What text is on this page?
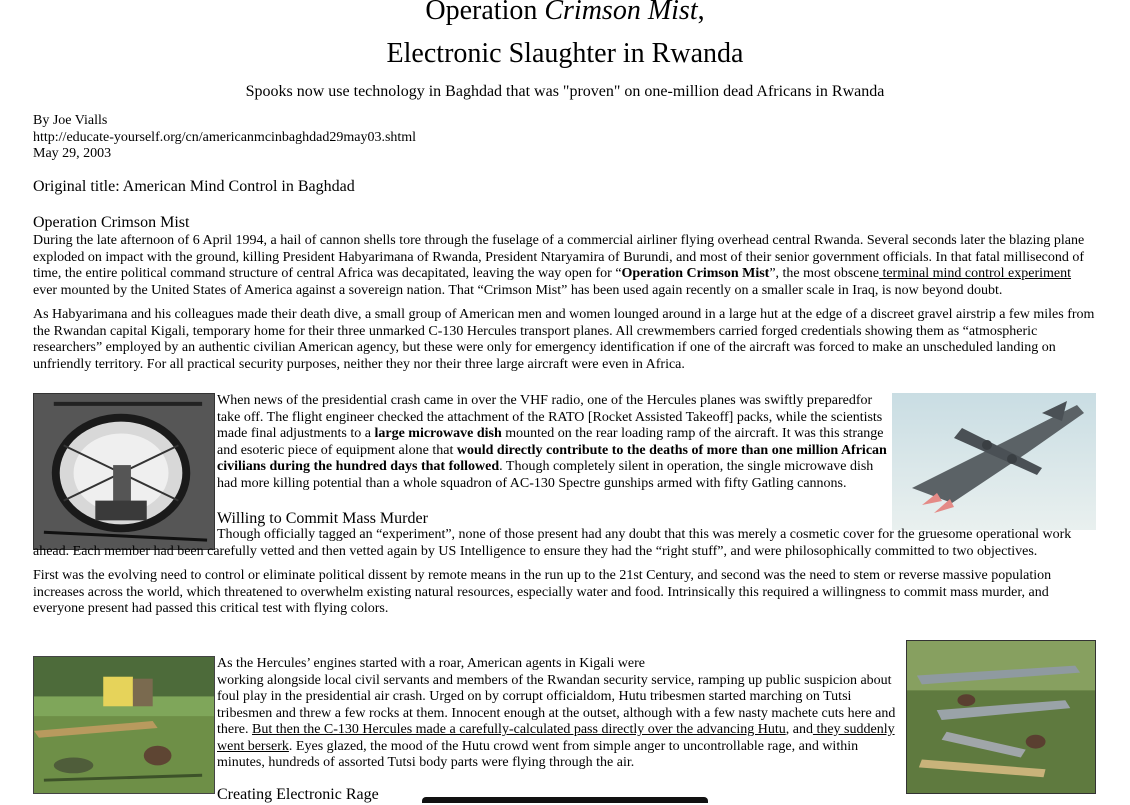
Operation Crimson Mist,
Electronic Slaughter in Rwanda
Spooks now use technology in Baghdad that was "proven" on one-million dead Africans in Rwanda
By Joe Vialls
http://educate-yourself.org/cn/americanmcinbaghdad29may03.shtml
May 29, 2003
Original title: American Mind Control in Baghdad
Operation Crimson Mist

During the late afternoon of 6 April 1994, a hail of cannon shells tore through the fuselage of a commercial airliner flying overhead central Rwanda. Several seconds later the blazing plane exploded on impact with the ground, killing President Habyarimana of Rwanda, President Ntaryamira of Burundi, and most of their senior government officials. In that fatal millisecond of time, the entire political command structure of central Africa was decapitated, leaving the way open for “Operation Crimson Mist”, the most obscene terminal mind control experiment ever mounted by the United States of America against a sovereign nation. That “Crimson Mist” has been used again recently on a smaller scale in Iraq, is now beyond doubt.

As Habyarimana and his colleagues made their death dive, a small group of American men and women lounged around in a large hut at the edge of a discreet gravel airstrip a few miles from the Rwandan capital Kigali, temporary home for their three unmarked C-130 Hercules transport planes. All crewmembers carried forged credentials showing them as “atmospheric researchers” employed by an authentic civilian American agency, but these were only for emergency identification if one of the aircraft was forced to make an unscheduled landing on unfriendly territory. For all practical security purposes, neither they nor their three large aircraft were even in Africa.

When news of the presidential crash came in over the VHF radio, one of the Hercules planes was swiftly preparedfor take off. The flight engineer checked the attachment of the RATO [Rocket Assisted Takeoff] packs, while the scientists made final adjustments to a large microwave dish mounted on the rear loading ramp of the aircraft. It was this strange and esoteric piece of equipment alone that would directly contribute to the deaths of more than one million African civilians during the hundred days that followed. Though completely silent in operation, the single microwave dish had more killing potential than a whole squadron of AC-130 Spectre gunships armed with fifty Gatling cannons.

Willing to Commit Mass Murder

Though officially tagged an “experiment”, none of those present had any doubt that this was merely a cosmetic cover for the gruesome operational work ahead. Each member had been carefully vetted and then vetted again by US Intelligence to ensure they had the “right stuff”, and were philosophically committed to two objectives.

First was the evolving need to control or eliminate political dissent by remote means in the run up to the 21st Century, and second was the need to stem or reverse massive population increases across the world, which threatened to overwhelm existing natural resources, especially water and food. Intrinsically this required a willingness to commit mass murder, and everyone present had passed this critical test with flying colors.

As the Hercules’ engines started with a roar, American agents in Kigali were
working alongside local civil servants and members of the Rwandan security service, ramping up public suspicion about foul play in the presidential air crash. Urged on by corrupt officialdom, Hutu tribesmen started marching on Tutsi tribesmen and threw a few rocks at them. Innocent enough at the outset, although with a few nasty machete cuts here and there. But then the C-130 Hercules made a carefully-calculated pass directly over the advancing Hutu, and they suddenly went berserk. Eyes glazed, the mood of the Hutu crowd went from simple anger to uncontrollable rage, and within minutes, hundreds of assorted Tutsi body parts were flying through the air.

Creating Electronic Rage
